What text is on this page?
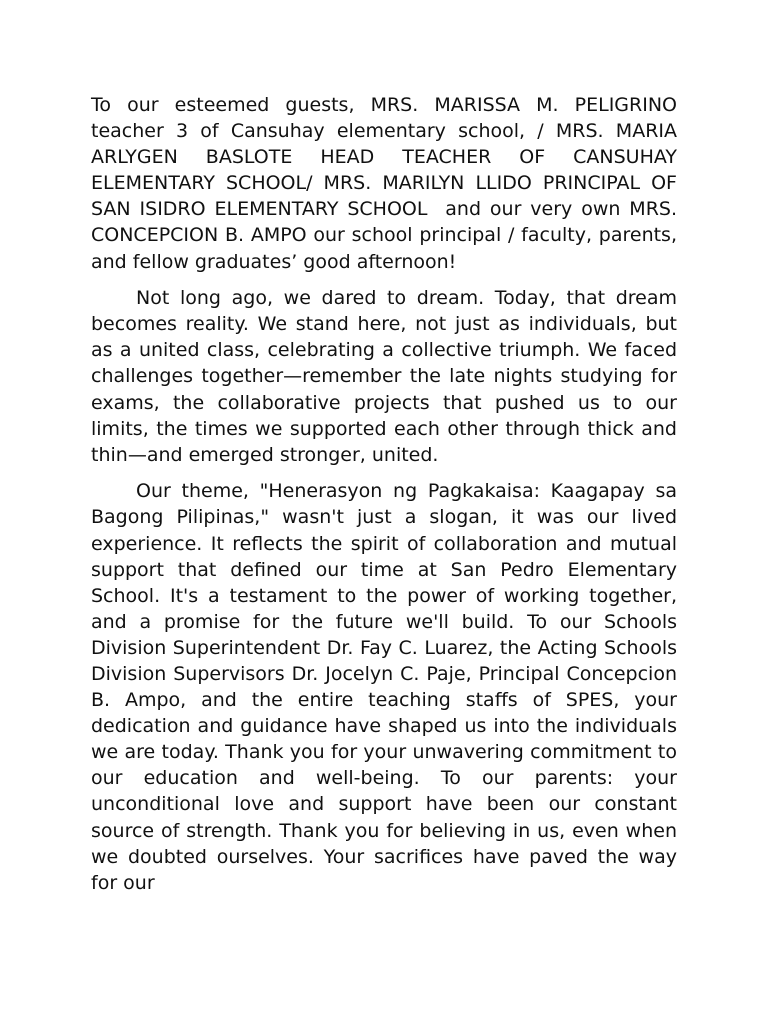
To our esteemed guests, MRS. MARISSA M. PELIGRINO teacher 3 of Cansuhay elementary school, / MRS. MARIA ARLYGEN BASLOTE HEAD TEACHER OF CANSUHAY ELEMENTARY SCHOOL/ MRS. MARILYN LLIDO PRINCIPAL OF SAN ISIDRO ELEMENTARY SCHOOL  and our very own MRS. CONCEPCION B. AMPO our school principal / faculty, parents, and fellow graduates’ good afternoon!

Not long ago, we dared to dream. Today, that dream becomes reality. We stand here, not just as individuals, but as a united class, celebrating a collective triumph. We faced challenges together—remember the late nights studying for exams, the collaborative projects that pushed us to our limits, the times we supported each other through thick and thin—and emerged stronger, united.

Our theme, "Henerasyon ng Pagkakaisa: Kaagapay sa Bagong Pilipinas," wasn't just a slogan, it was our lived experience. It reflects the spirit of collaboration and mutual support that defined our time at San Pedro Elementary School. It's a testament to the power of working together, and a promise for the future we'll build. To our Schools Division Superintendent Dr. Fay C. Luarez, the Acting Schools Division Supervisors Dr. Jocelyn C. Paje, Principal Concepcion B. Ampo, and the entire teaching staffs of SPES, your dedication and guidance have shaped us into the individuals we are today. Thank you for your unwavering commitment to our education and well-being. To our parents: your unconditional love and support have been our constant source of strength. Thank you for believing in us, even when we doubted ourselves. Your sacrifices have paved the way for our
